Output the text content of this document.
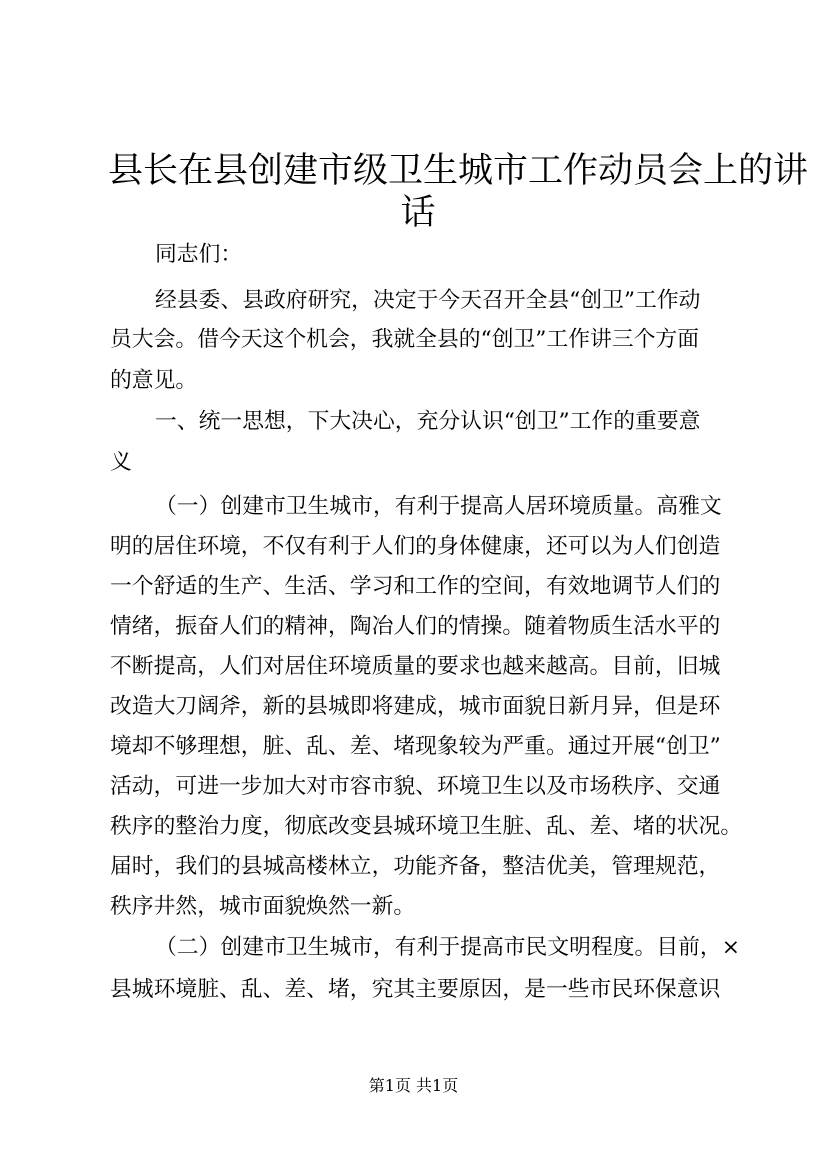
县长在县创建市级卫生城市工作动员会上的讲
话
同志们：
经县委、县政府研究，决定于今天召开全县“创卫”工作动
员大会。借今天这个机会，我就全县的“创卫”工作讲三个方面
的意见。
一、统一思想，下大决心，充分认识“创卫”工作的重要意
义
（一）创建市卫生城市，有利于提高人居环境质量。高雅文
明的居住环境，不仅有利于人们的身体健康，还可以为人们创造
一个舒适的生产、生活、学习和工作的空间，有效地调节人们的
情绪，振奋人们的精神，陶冶人们的情操。随着物质生活水平的
不断提高，人们对居住环境质量的要求也越来越高。目前，旧城
改造大刀阔斧，新的县城即将建成，城市面貌日新月异，但是环
境却不够理想，脏、乱、差、堵现象较为严重。通过开展“创卫”
活动，可进一步加大对市容市貌、环境卫生以及市场秩序、交通
秩序的整治力度，彻底改变县城环境卫生脏、乱、差、堵的状况。
届时，我们的县城高楼林立，功能齐备，整洁优美，管理规范，
秩序井然，城市面貌焕然一新。
（二）创建市卫生城市，有利于提高市民文明程度。目前，×
县城环境脏、乱、差、堵，究其主要原因，是一些市民环保意识
第1页 共1页
